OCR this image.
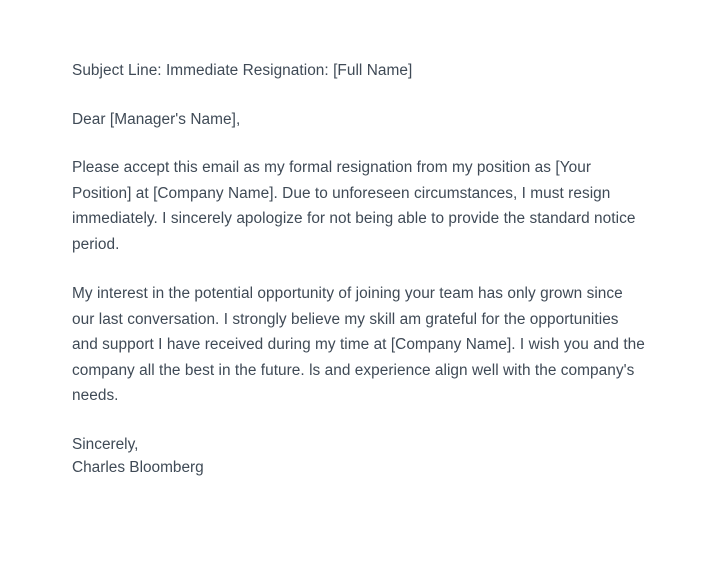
Subject Line: Immediate Resignation: [Full Name]

Dear [Manager's Name],

Please accept this email as my formal resignation from my position as [Your Position] at [Company Name]. Due to unforeseen circumstances, I must resign immediately. I sincerely apologize for not being able to provide the standard notice period.

My interest in the potential opportunity of joining your team has only grown since our last conversation. I strongly believe my skill am grateful for the opportunities and support I have received during my time at [Company Name]. I wish you and the company all the best in the future. ls and experience align well with the company's needs.

Sincerely,
Charles Bloomberg
